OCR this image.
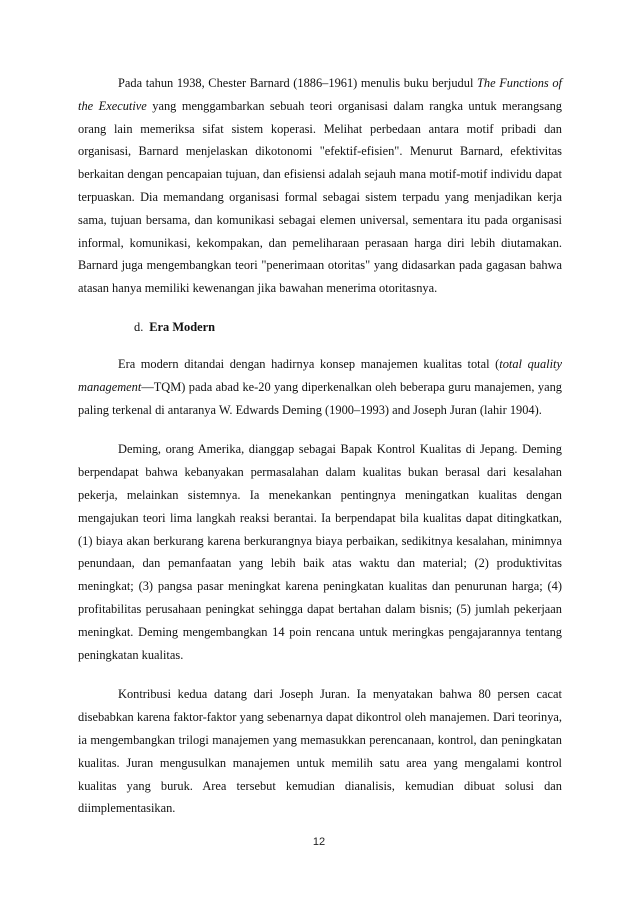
Pada tahun 1938, Chester Barnard (1886–1961) menulis buku berjudul The Functions of the Executive yang menggambarkan sebuah teori organisasi dalam rangka untuk merangsang orang lain memeriksa sifat sistem koperasi. Melihat perbedaan antara motif pribadi dan organisasi, Barnard menjelaskan dikotonomi "efektif-efisien". Menurut Barnard, efektivitas berkaitan dengan pencapaian tujuan, dan efisiensi adalah sejauh mana motif-motif individu dapat terpuaskan. Dia memandang organisasi formal sebagai sistem terpadu yang menjadikan kerja sama, tujuan bersama, dan komunikasi sebagai elemen universal, sementara itu pada organisasi informal, komunikasi, kekompakan, dan pemeliharaan perasaan harga diri lebih diutamakan. Barnard juga mengembangkan teori "penerimaan otoritas" yang didasarkan pada gagasan bahwa atasan hanya memiliki kewenangan jika bawahan menerima otoritasnya.

d. Era Modern

Era modern ditandai dengan hadirnya konsep manajemen kualitas total (total quality management—TQM) pada abad ke-20 yang diperkenalkan oleh beberapa guru manajemen, yang paling terkenal di antaranya W. Edwards Deming (1900–1993) and Joseph Juran (lahir 1904).

Deming, orang Amerika, dianggap sebagai Bapak Kontrol Kualitas di Jepang. Deming berpendapat bahwa kebanyakan permasalahan dalam kualitas bukan berasal dari kesalahan pekerja, melainkan sistemnya. Ia menekankan pentingnya meningatkan kualitas dengan mengajukan teori lima langkah reaksi berantai. Ia berpendapat bila kualitas dapat ditingkatkan, (1) biaya akan berkurang karena berkurangnya biaya perbaikan, sedikitnya kesalahan, minimnya penundaan, dan pemanfaatan yang lebih baik atas waktu dan material; (2) produktivitas meningkat; (3) pangsa pasar meningkat karena peningkatan kualitas dan penurunan harga; (4) profitabilitas perusahaan peningkat sehingga dapat bertahan dalam bisnis; (5) jumlah pekerjaan meningkat. Deming mengembangkan 14 poin rencana untuk meringkas pengajarannya tentang peningkatan kualitas.

Kontribusi kedua datang dari Joseph Juran. Ia menyatakan bahwa 80 persen cacat disebabkan karena faktor-faktor yang sebenarnya dapat dikontrol oleh manajemen. Dari teorinya, ia mengembangkan trilogi manajemen yang memasukkan perencanaan, kontrol, dan peningkatan kualitas. Juran mengusulkan manajemen untuk memilih satu area yang mengalami kontrol kualitas yang buruk. Area tersebut kemudian dianalisis, kemudian dibuat solusi dan diimplementasikan.

12
